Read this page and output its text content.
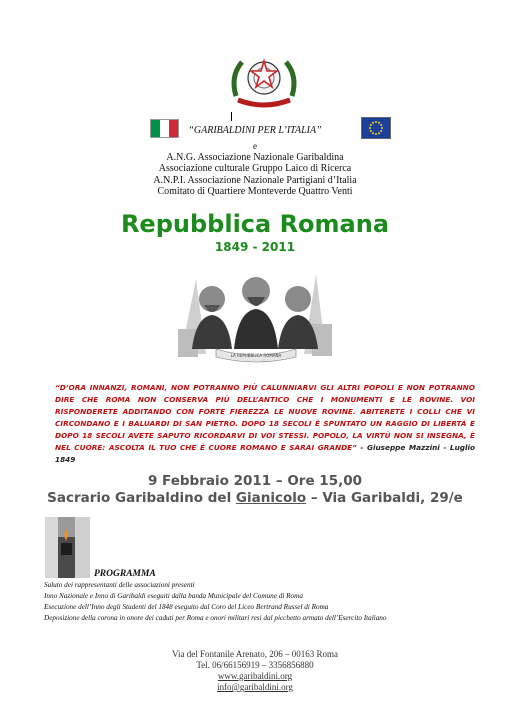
“GARIBALDINI PER L’ITALIA”
e
A.N.G. Associazione Nazionale Garibaldina
Associazione culturale Gruppo Laico di Ricerca
A.N.P.I. Associazione Nazionale Partigiani d’Italia
Comitato di Quartiere Monteverde Quattro Venti
Repubblica Romana
1849 - 2011
LA REPUBBLICA ROMANA
“D’ORA INNANZI, ROMANI, NON POTRANNO PIÙ CALUNNIARVI GLI ALTRI POPOLI E NON POTRANNO DIRE CHE ROMA NON CONSERVA PIÙ DELL’ANTICO CHE I MONUMENTI E LE ROVINE. VOI RISPONDERETE ADDITANDO CON FORTE FIEREZZA LE NUOVE ROVINE. ABITERETE I COLLI CHE VI CIRCONDANO E I BALUARDI DI SAN PIETRO. DOPO 18 SECOLI È SPUNTATO UN RAGGIO DI LIBERTÀ E DOPO 18 SECOLI AVETE SAPUTO RICORDARVI DI VOI STESSI. POPOLO, LA VIRTÙ NON SI INSEGNA, È NEL CUORE: ASCOLTA IL TUO CHE È CUORE ROMANO E SARAI GRANDE” - Giuseppe Mazzini - Luglio 1849
9 Febbraio 2011 – Ore 15,00
Sacrario Garibaldino del Gianicolo – Via Garibaldi, 29/e
PROGRAMMA
Saluto dei rappresentanti delle associazioni presenti
Inno Nazionale e Inno di Garibaldi eseguiti dalla banda Municipale del Comune di Roma
Esecuzione dell’Inno degli Studenti del 1848 eseguito dal Coro del Liceo Bertrand Russel di Roma
Deposizione della corona in onore dei caduti per Roma e onori militari resi dal picchetto armato dell’Esercito Italiano
Via del Fontanile Arenato, 206 – 00163 Roma
Tel. 06/66156919 – 3356856880
www.garibaldini.org
info@garibaldini.org
